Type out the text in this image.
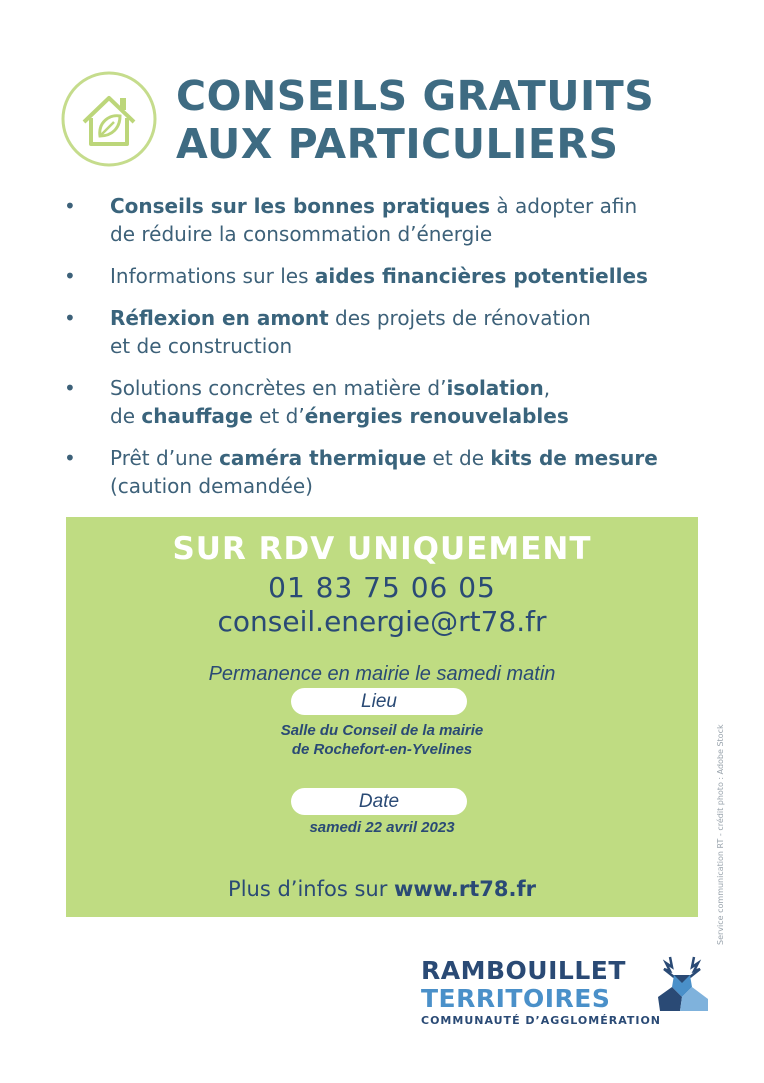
CONSEILS GRATUITS
AUX PARTICULIERS
• Conseils sur les bonnes pratiques à adopter afin
de réduire la consommation d’énergie
• Informations sur les aides financières potentielles
• Réflexion en amont des projets de rénovation
et de construction
• Solutions concrètes en matière d’isolation,
de chauffage et d’énergies renouvelables
• Prêt d’une caméra thermique et de kits de mesure
(caution demandée)
SUR RDV UNIQUEMENT
01 83 75 06 05
conseil.energie@rt78.fr
Permanence en mairie le samedi matin
Lieu
Salle du Conseil de la mairie
de Rochefort-en-Yvelines
Date
samedi 22 avril 2023
Plus d’infos sur www.rt78.fr	Service communication RT - crédit photo : Adobe Stock
RAMBOUILLET
TERRITOIRES
COMMUNAUTÉ D’AGGLOMÉRATION
